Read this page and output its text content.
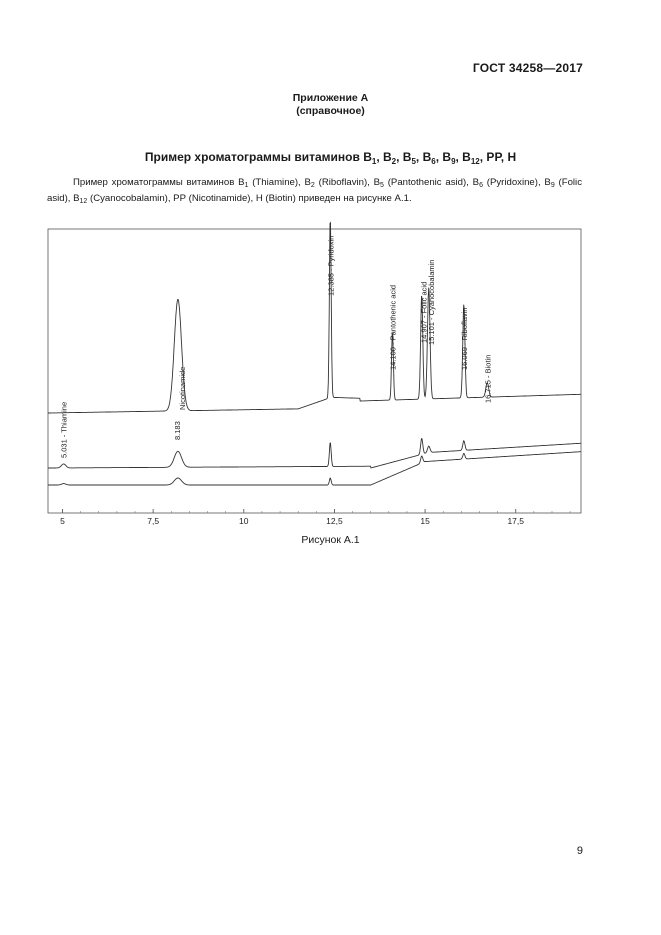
ГОСТ 34258—2017
Приложение А
(справочное)
Пример хроматограммы витаминов $В_1$, $В_2$, $В_5$, $В_6$, $В_9$, $В_{12}$, РР, Н
Пример хроматограммы витаминов $В_1$ (Thiamine), $В_2$ (Riboflavin), $В_5$ (Pantothenic asid), $В_6$ (Pyridoxine), $В_9$ (Folic asid), $В_{12}$ (Cyanocobalamin), РР (Nicotinamide), Н (Biotin) приведен на рисунке А.1.
5	7,5	10	12,5	15	17,5
5.031 - Thiamine	8.183
Nicotinamide
12.385 - Pyridoxin
14.100 - Pantothenic acid	14.907 - Folic acid
15.101 - Cyanocobalamin	16.069 - Riboflavin
16.715 - Biotin
Рисунок А.1
9
